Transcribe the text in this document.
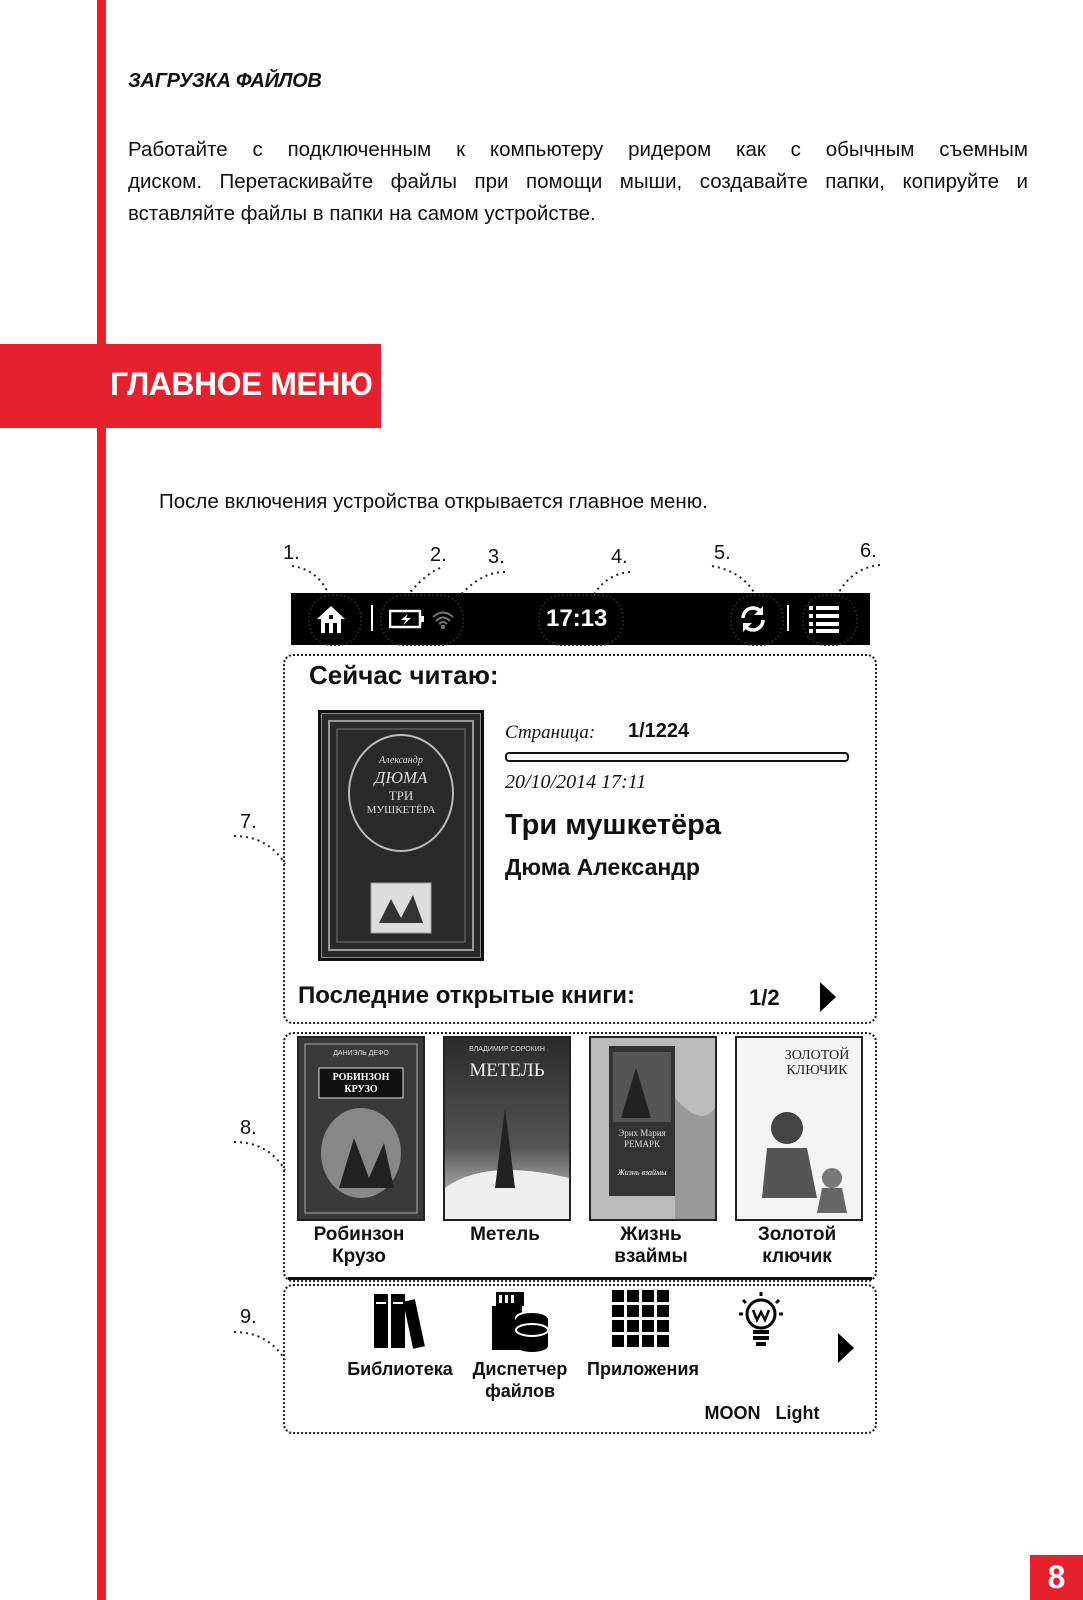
ЗАГРУЗКА ФАЙЛОВ
Работайте с подключенным к компьютеру ридером как с обычным съемным
диском. Перетаскивайте файлы при помощи мыши, создавайте папки, копируйте и
вставляйте файлы в папки на самом устройстве.
ГЛАВНОЕ МЕНЮ
После включения устройства открывается главное меню.
1.	2. 3.	4.	5.	6.
7.
8.
9.
17:13
Сейчас читаю:
Александр
ДЮМА
ТРИ
МУШКЕТЁРА
Страница: 1/1224
20/10/2014 17:11
Три мушкетёра
Дюма Александр
Последние открытые книги:	1/2
ДАНИЭЛЬ ДЕФО
РОБИНЗОН КРУЗО
ВЛАДИМИР СОРОКИН
МЕТЕЛЬ
Эрих Мария РЕМАРК
Жизнь взаймы
ЗОЛОТОЙ КЛЮЧИК
Робинзон
Крузо
Метель	Жизнь
взаймы
Золотой
ключик
Библиотека	Диспетчер
файлов
Приложения

MOON   Light

8
